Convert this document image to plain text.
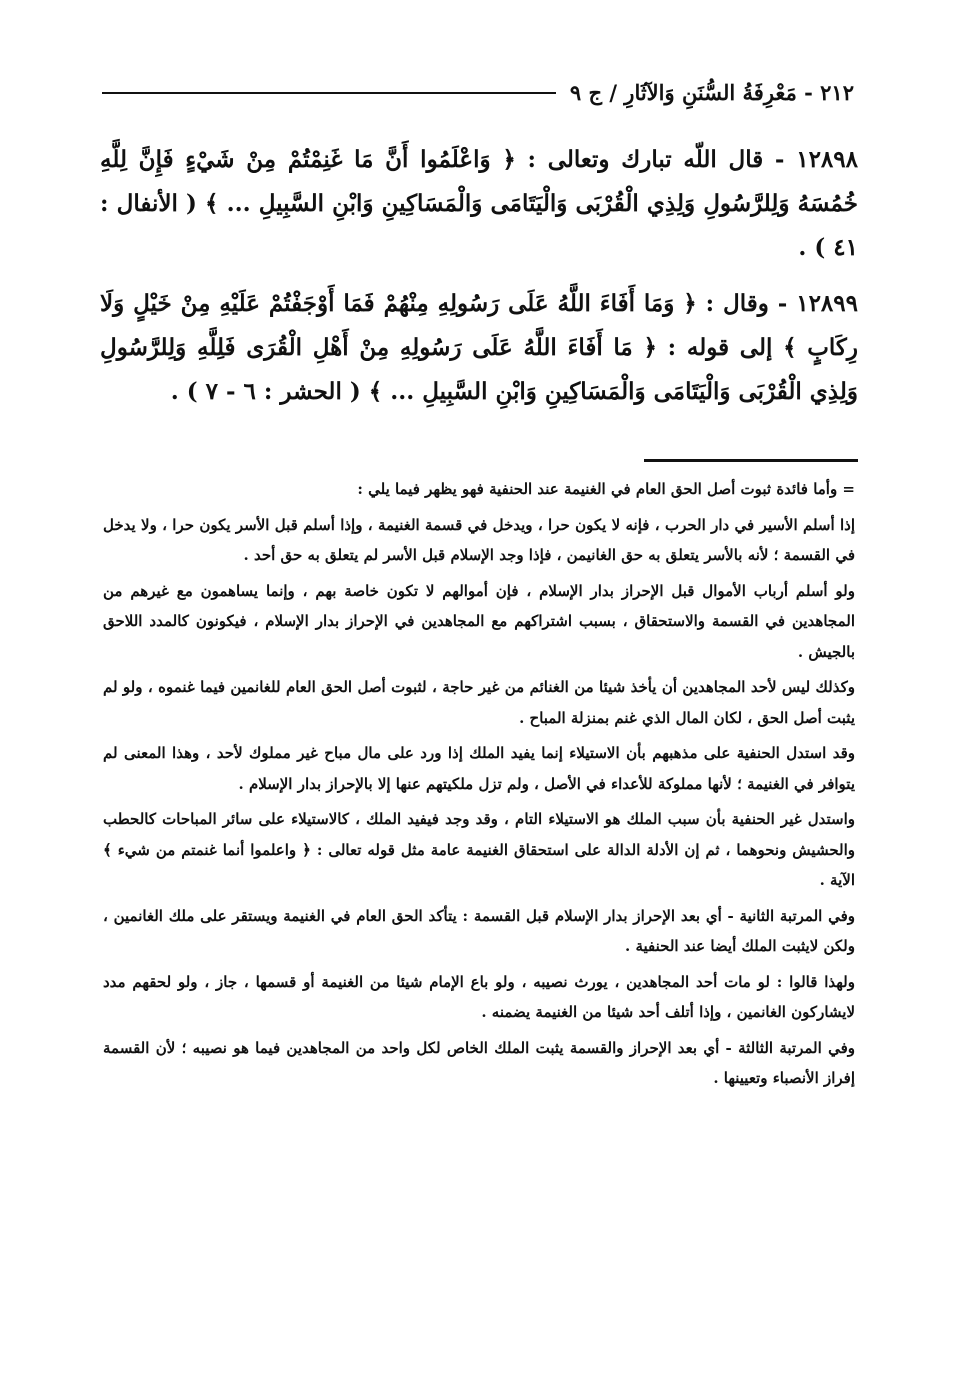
٢١٢ - مَعْرِفَةُ السُّنَنِ وَالآثَارِ / ج ٩

١٢٨٩٨ - قال اللّه تبارك وتعالى : ﴿ وَاعْلَمُوا أَنَّ مَا غَنِمْتُمْ مِنْ شَيْءٍ فَإِنَّ لِلَّهِ خُمُسَهُ وَلِلرَّسُولِ وَلِذِي الْقُرْبَى وَالْيَتَامَى وَالْمَسَاكِينِ وَابْنِ السَّبِيلِ ... ﴾ ( الأنفال : ٤١ ) .

١٢٨٩٩ - وقال : ﴿ وَمَا أَفَاءَ اللَّهُ عَلَى رَسُولِهِ مِنْهُمْ فَمَا أَوْجَفْتُمْ عَلَيْهِ مِنْ خَيْلٍ وَلَا رِكَابٍ ﴾ إلى قوله : ﴿ مَا أَفَاءَ اللَّهُ عَلَى رَسُولِهِ مِنْ أَهْلِ الْقُرَى فَلِلَّهِ وَلِلرَّسُولِ وَلِذِي الْقُرْبَى وَالْيَتَامَى وَالْمَسَاكِينِ وَابْنِ السَّبِيلِ ... ﴾ ( الحشر : ٦ - ٧ ) .

= وأما فائدة ثبوت أصل الحق العام في الغنيمة عند الحنفية فهو يظهر فيما يلي :

إذا أسلم الأسير في دار الحرب ، فإنه لا يكون حرا ، ويدخل في قسمة الغنيمة ، وإذا أسلم قبل الأسر يكون حرا ، ولا يدخل في القسمة ؛ لأنه بالأسر يتعلق به حق الغانيمن ، فإذا وجد الإسلام قبل الأسر لم يتعلق به حق أحد .

ولو أسلم أرباب الأموال قبل الإحراز بدار الإسلام ، فإن أموالهم لا تكون خاصة بهم ، وإنما يساهمون مع غيرهم من المجاهدين في القسمة والاستحقاق ، بسبب اشتراكهم مع المجاهدين في الإحراز بدار الإسلام ، فيكونون كالمدد اللاحق بالجيش .

وكذلك ليس لأحد المجاهدين أن يأخذ شيئا من الغنائم من غير حاجة ، لثبوت أصل الحق العام للغانمين فيما غنموه ، ولو لم يثبت أصل الحق ، لكان المال الذي غنم بمنزلة المباح .

وقد استدل الحنفية على مذهبهم بأن الاستيلاء إنما يفيد الملك إذا ورد على مال مباح غير مملوك لأحد ، وهذا المعنى لم يتوافر في الغنيمة ؛ لأنها مملوكة للأعداء في الأصل ، ولم تزل ملكيتهم عنها إلا بالإحراز بدار الإسلام .

واستدل غير الحنفية بأن سبب الملك هو الاستيلاء التام ، وقد وجد فيفيد الملك ، كالاستيلاء على سائر المباحات كالحطب والحشيش ونحوهما ، ثم إن الأدلة الدالة على استحقاق الغنيمة عامة مثل قوله تعالى : ﴿ واعلموا أنما غنمتم من شيء ﴾ الآية .

وفي المرتبة الثانية - أي بعد الإحراز بدار الإسلام قبل القسمة : يتأكد الحق العام في الغنيمة ويستقر على ملك الغانمين ، ولكن لايثبت الملك أيضا عند الحنفية .

ولهذا قالوا : لو مات أحد المجاهدين ، يورث نصيبه ، ولو باع الإمام شيئا من الغنيمة أو قسمها ، جاز ، ولو لحقهم مدد لايشاركون الغانمين ، وإذا أتلف أحد شيئا من الغنيمة يضمنه .

وفي المرتبة الثالثة - أي بعد الإحراز والقسمة يثبت الملك الخاص لكل واحد من المجاهدين فيما هو نصيبه ؛ لأن القسمة إفراز الأنصباء وتعيينها .
